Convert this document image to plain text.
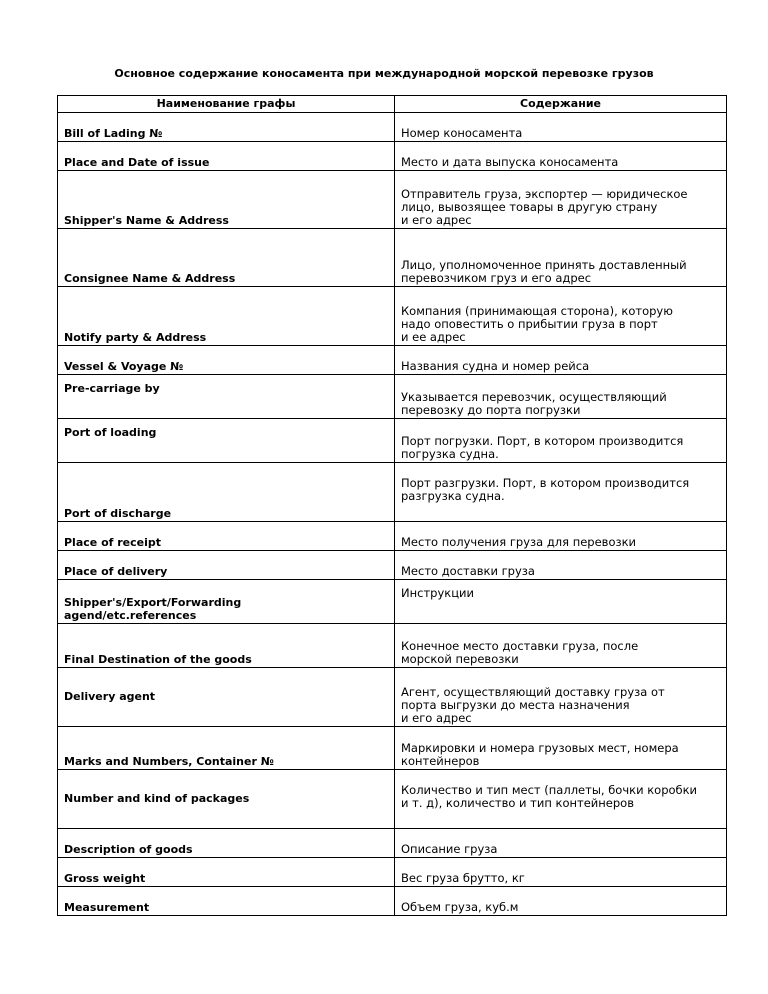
Основное содержание коносамента при международной морской перевозке грузов
Наименование графы	Содержание
Bill of Lading №	Номер коносамента
Place and Date of issue	Место и дата выпуска коносамента
Shipper's Name & Address	Отправитель груза, экспортер — юридическое
лицо, вывозящее товары в другую страну
и его адрес
Consignee Name & Address	Лицо, уполномоченное принять доставленный
перевозчиком груз и его адрес
Notify party & Address	Компания (принимающая сторона), которую
надо оповестить о прибытии груза в порт
и ее адрес
Vessel & Voyage №	Названия судна и номер рейса
Pre-carriage by	Указывается перевозчик, осуществляющий
перевозку до порта погрузки
Port of loading	Порт погрузки. Порт, в котором производится
погрузка судна.
Port of discharge	Порт разгрузки. Порт, в котором производится
разгрузка судна.
Place of receipt	Место получения груза для перевозки
Place of delivery	Место доставки груза
Shipper's/Export/Forwarding
agend/etc.references	Инструкции
Final Destination of the goods	Конечное место доставки груза, после
морской перевозки
Delivery agent	Агент, осуществляющий доставку груза от
порта выгрузки до места назначения
и его адрес
Marks and Numbers, Container №	Маркировки и номера грузовых мест, номера
контейнеров
Number and kind of packages	Количество и тип мест (паллеты, бочки коробки
и т. д), количество и тип контейнеров
Description of goods	Описание груза
Gross weight	Вес груза брутто, кг
Measurement	Объем груза, куб.м
